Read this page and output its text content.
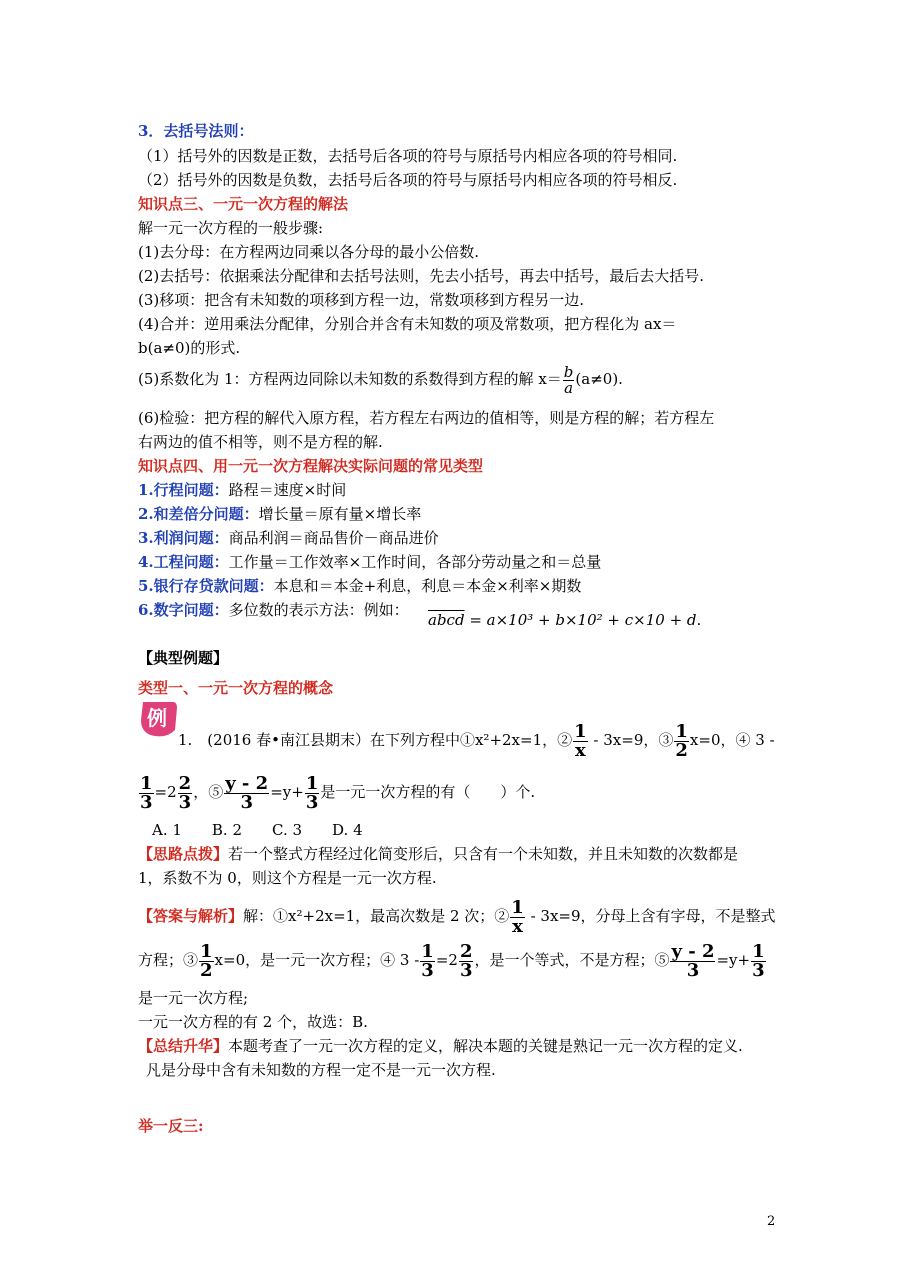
3．去括号法则：
（1）括号外的因数是正数，去括号后各项的符号与原括号内相应各项的符号相同.
（2）括号外的因数是负数，去括号后各项的符号与原括号内相应各项的符号相反.
知识点三、一元一次方程的解法
解一元一次方程的一般步骤:
(1)去分母：在方程两边同乘以各分母的最小公倍数.
(2)去括号：依据乘法分配律和去括号法则，先去小括号，再去中括号，最后去大括号.
(3)移项：把含有未知数的项移到方程一边，常数项移到方程另一边.
(4)合并：逆用乘法分配律，分别合并含有未知数的项及常数项，把方程化为 ax＝
b(a≠0)的形式.
(5)系数化为 1：方程两边同除以未知数的系数得到方程的解 $x= \frac{b}{a} (a\ne 0)$.
(6)检验：把方程的解代入原方程，若方程左右两边的值相等，则是方程的解；若方程左
右两边的值不相等，则不是方程的解.
知识点四、用一元一次方程解决实际问题的常见类型
1.行程问题：路程＝速度×时间
2.和差倍分问题：增长量＝原有量×增长率
3.利润问题：商品利润＝商品售价－商品进价
4.工程问题：工作量＝工作效率×工作时间，各部分劳动量之和＝总量
5.银行存贷款问题：本息和＝本金+利息，利息＝本金×利率×期数
6.数字问题：多位数的表示方法：例如：
abcd = a×10³ + b×10² + c×10 + d.
【典型例题】
类型一、一元一次方程的概念
例
1.　(2016 春•南江县期末）在下列方程中①x²+2x=1，② $\frac{1}{x} - 3x=9$，③ $\frac{1}{2} x=0$，④ 3 -
$\frac{1}{3} =2 \frac{2}{3}$ ，⑤ $\frac{y - 2}{3} =y+ \frac{1}{3}$ 是一元一次方程的有（　　）个.
A. 1　　B. 2　　C. 3　　D. 4
【思路点拨】若一个整式方程经过化简变形后，只含有一个未知数，并且未知数的次数都是
1，系数不为 0，则这个方程是一元一次方程.
【答案与解析】解：①x²+2x=1，最高次数是 2 次；② $\frac{1}{x} - 3x=9$，分母上含有字母，不是整式
方程；③ $\frac{1}{2} x=0$，是一元一次方程；④ $3 - \frac{1}{3} =2 \frac{2}{3}$ ，是一个等式，不是方程；⑤ $\frac{y - 2}{3} =y+ \frac{1}{3}$
是一元一次方程;
一元一次方程的有 2 个，故选：B.
【总结升华】本题考查了一元一次方程的定义，解决本题的关键是熟记一元一次方程的定义.
凡是分母中含有未知数的方程一定不是一元一次方程.
举一反三:
2
